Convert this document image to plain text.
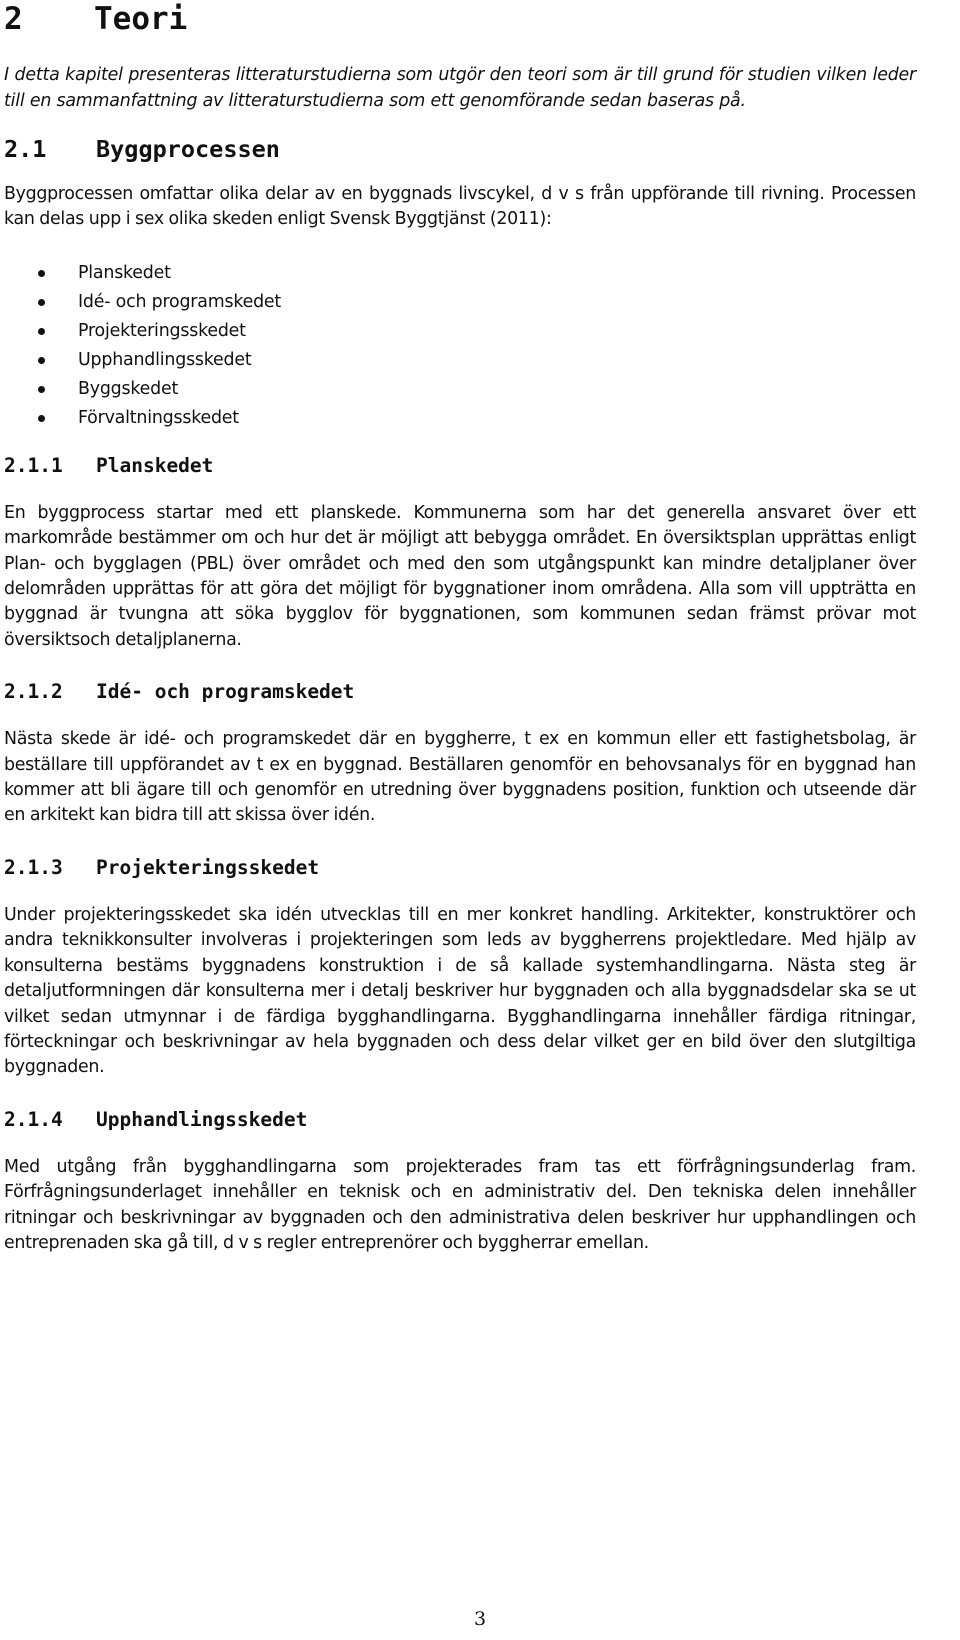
2	Teori

I detta kapitel presenteras litteraturstudierna som utgör den teori som är till grund för studien vilken leder till en sammanfattning av litteraturstudierna som ett genomförande sedan baseras på.

2.1	Byggprocessen

Byggprocessen omfattar olika delar av en byggnads livscykel, d v s från uppförande till rivning. Processen kan delas upp i sex olika skeden enligt Svensk Byggtjänst (2011):

Planskedet
Idé- och programskedet
Projekteringsskedet
Upphandlingsskedet
Byggskedet
Förvaltningsskedet
2.1.1	Planskedet

En byggprocess startar med ett planskede. Kommunerna som har det generella ansvaret över ett markområde bestämmer om och hur det är möjligt att bebygga området. En översiktsplan upprättas enligt Plan- och bygglagen (PBL) över området och med den som utgångspunkt kan mindre detaljplaner över delområden upprättas för att göra det möjligt för byggnationer inom områdena. Alla som vill uppträtta en byggnad är tvungna att söka bygglov för byggnationen, som kommunen sedan främst prövar mot översiktsoch detaljplanerna.

2.1.2	Idé- och programskedet

Nästa skede är idé- och programskedet där en byggherre, t ex en kommun eller ett fastighetsbolag, är beställare till uppförandet av t ex en byggnad. Beställaren genomför en behovsanalys för en byggnad han kommer att bli ägare till och genomför en utredning över byggnadens position, funktion och utseende där en arkitekt kan bidra till att skissa över idén.

2.1.3	Projekteringsskedet

Under projekteringsskedet ska idén utvecklas till en mer konkret handling. Arkitekter, konstruktörer och andra teknikkonsulter involveras i projekteringen som leds av byggherrens projektledare. Med hjälp av konsulterna bestäms byggnadens konstruktion i de så kallade systemhandlingarna. Nästa steg är detaljutformningen där konsulterna mer i detalj beskriver hur byggnaden och alla byggnadsdelar ska se ut vilket sedan utmynnar i de färdiga bygghandlingarna. Bygghandlingarna innehåller färdiga ritningar, förteckningar och beskrivningar av hela byggnaden och dess delar vilket ger en bild över den slutgiltiga byggnaden.

2.1.4	Upphandlingsskedet

Med utgång från bygghandlingarna som projekterades fram tas ett förfrågningsunderlag fram. Förfrågningsunderlaget innehåller en teknisk och en administrativ del. Den tekniska delen innehåller ritningar och beskrivningar av byggnaden och den administrativa delen beskriver hur upphandlingen och entreprenaden ska gå till, d v s regler entreprenörer och byggherrar emellan.

3
